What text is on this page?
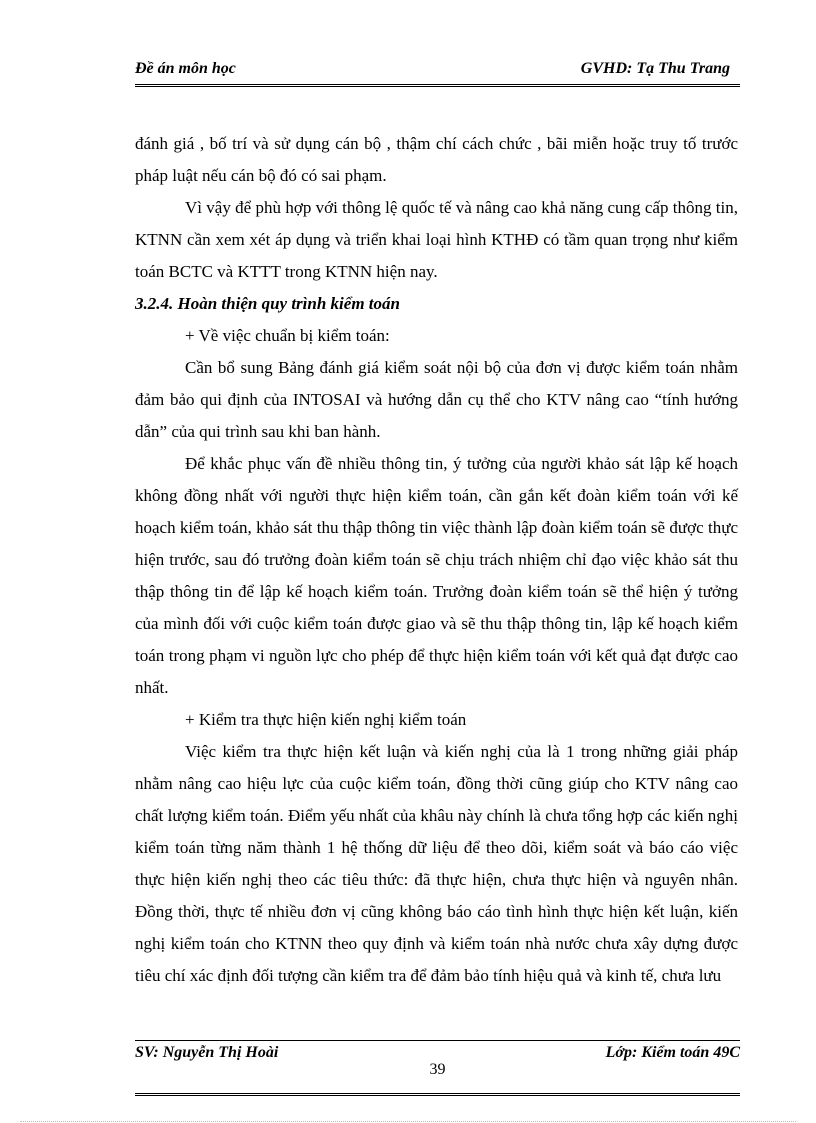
Đề án môn học	GVHD: Tạ Thu Trang

đánh giá , bố trí và sử dụng cán bộ , thậm chí cách chức , bãi miễn hoặc truy tố trước pháp luật nếu cán bộ đó có sai phạm.

Vì vậy để phù hợp với thông lệ quốc tế và nâng cao khả năng cung cấp thông tin, KTNN cần xem xét áp dụng và triển khai loại hình KTHĐ có tầm quan trọng như kiểm toán BCTC và KTTT trong KTNN hiện nay.

3.2.4. Hoàn thiện quy trình kiểm toán

+ Về việc chuẩn bị kiểm toán:

Cần bổ sung Bảng đánh giá kiểm soát nội bộ của đơn vị được kiểm toán nhằm đảm bảo qui định của INTOSAI và hướng dẫn cụ thể cho KTV nâng cao “tính hướng dẫn” của qui trình sau khi ban hành.

Để khắc phục vấn đề nhiều thông tin, ý tưởng của người khảo sát lập kế hoạch không đồng nhất với người thực hiện kiểm toán, cần gắn kết đoàn kiểm toán với kế hoạch kiểm toán, khảo sát thu thập thông tin việc thành lập đoàn kiểm toán sẽ được thực hiện trước, sau đó trưởng đoàn kiểm toán sẽ chịu trách nhiệm chỉ đạo việc khảo sát thu thập thông tin để lập kế hoạch kiểm toán. Trưởng đoàn kiểm toán sẽ thể hiện ý tưởng của mình đối với cuộc kiểm toán được giao và sẽ thu thập thông tin, lập kế hoạch kiểm toán trong phạm vi nguồn lực cho phép để thực hiện kiểm toán với kết quả đạt được cao nhất.

+ Kiểm tra thực hiện kiến nghị kiểm toán

Việc kiểm tra thực hiện kết luận và kiến nghị của là 1 trong những giải pháp nhằm nâng cao hiệu lực của cuộc kiểm toán, đồng thời cũng giúp cho KTV nâng cao chất lượng kiểm toán. Điểm yếu nhất của khâu này chính là chưa tổng hợp các kiến nghị kiểm toán từng năm thành 1 hệ thống dữ liệu để theo dõi, kiểm soát và báo cáo việc thực hiện kiến nghị theo các tiêu thức: đã thực hiện, chưa thực hiện và nguyên nhân. Đồng thời, thực tế nhiều đơn vị cũng không báo cáo tình hình thực hiện kết luận, kiến nghị kiểm toán cho KTNN theo quy định và kiểm toán nhà nước chưa xây dựng được tiêu chí xác định đối tượng cần kiểm tra để đảm bảo tính hiệu quả và kinh tế, chưa lưu

SV: Nguyễn Thị Hoài	Lớp: Kiểm toán 49C
39
